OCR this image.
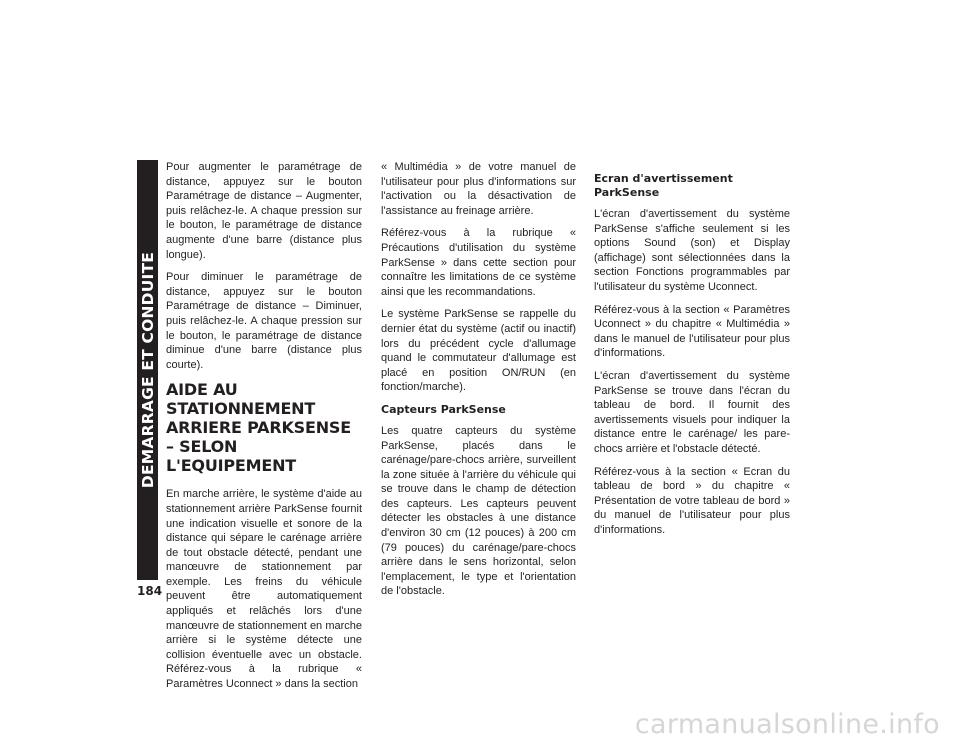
DEMARRAGE ET CONDUITE
184

Pour augmenter le paramétrage de distance, appuyez sur le bouton Paramétrage de distance – Augmenter, puis relâchez-le. A chaque pression sur le bouton, le paramétrage de distance augmente d'une barre (distance plus longue).

Pour diminuer le paramétrage de distance, appuyez sur le bouton Paramétrage de distance – Diminuer, puis relâchez-le. A chaque pression sur le bouton, le paramétrage de distance diminue d'une barre (distance plus courte).

AIDE AU STATIONNEMENT ARRIERE PARKSENSE – SELON L'EQUIPEMENT

En marche arrière, le système d'aide au stationnement arrière ParkSense fournit une indication visuelle et sonore de la distance qui sépare le carénage arrière de tout obstacle détecté, pendant une manœuvre de stationnement par exemple. Les freins du véhicule peuvent être automatiquement appliqués et relâchés lors d'une manœuvre de stationnement en marche arrière si le système détecte une collision éventuelle avec un obstacle. Référez-vous à la rubrique « Paramètres Uconnect » dans la section

« Multimédia » de votre manuel de l'utilisateur pour plus d'informations sur l'activation ou la désactivation de l'assistance au freinage arrière.

Référez-vous à la rubrique « Précautions d'utilisation du système ParkSense » dans cette section pour connaître les limitations de ce système ainsi que les recommandations.

Le système ParkSense se rappelle du dernier état du système (actif ou inactif) lors du précédent cycle d'allumage quand le commutateur d'allumage est placé en position ON/RUN (en fonction/marche).

Capteurs ParkSense

Les quatre capteurs du système ParkSense, placés dans le carénage/pare-chocs arrière, surveillent la zone située à l'arrière du véhicule qui se trouve dans le champ de détection des capteurs. Les capteurs peuvent détecter les obstacles à une distance d'environ 30 cm (12 pouces) à 200 cm (79 pouces) du carénage/pare-chocs arrière dans le sens horizontal, selon l'emplacement, le type et l'orientation de l'obstacle.

Ecran d'avertissement ParkSense

L'écran d'avertissement du système ParkSense s'affiche seulement si les options Sound (son) et Display (affichage) sont sélectionnées dans la section Fonctions programmables par l'utilisateur du système Uconnect.

Référez-vous à la section « Paramètres Uconnect » du chapitre « Multimédia » dans le manuel de l'utilisateur pour plus d'informations.

L'écran d'avertissement du système ParkSense se trouve dans l'écran du tableau de bord. Il fournit des avertissements visuels pour indiquer la distance entre le carénage/ les pare-chocs arrière et l'obstacle détecté.

Référez-vous à la section « Ecran du tableau de bord » du chapitre « Présentation de votre tableau de bord » du manuel de l'utilisateur pour plus d'informations.

carmanualsonline.info
